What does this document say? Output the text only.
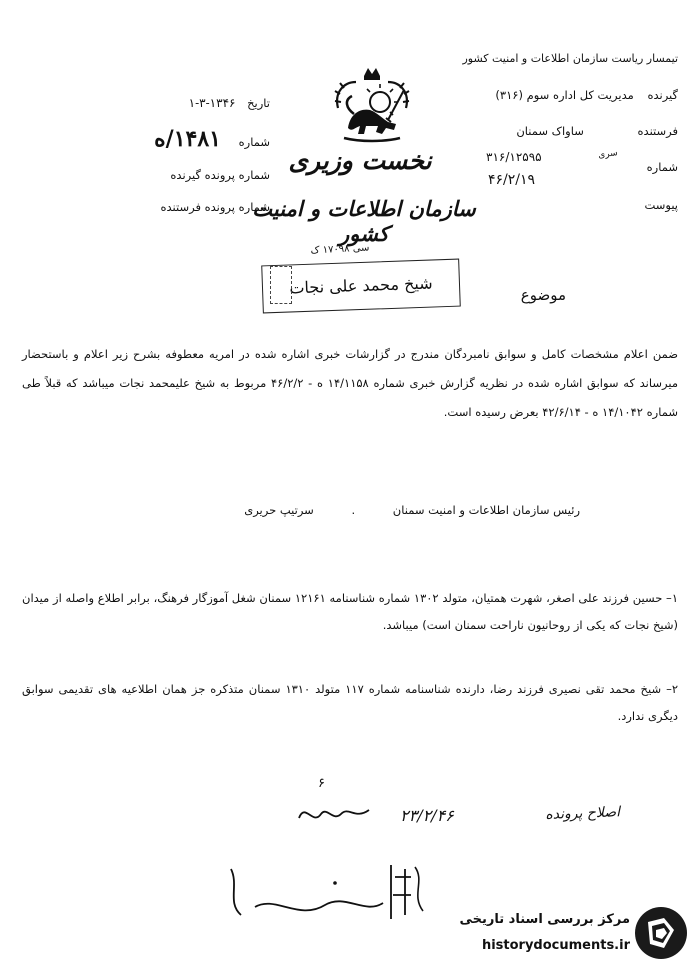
تیمسار ریاست سازمان اطلاعات و امنیت کشور
گیرنده مدیریت کل اداره سوم (۳۱۶)
فرستنده ساواک سمنان
شماره
سری
۳۱۶/۱۲۵۹۵
۴۶/۲/۱۹
پیوست
تاریخ ۱۳۴۶-۳-۱
شماره ۱۴۸۱/ه
شماره پرونده گیرنده
شماره پرونده فرستنده
نخست وزیری
سازمان اطلاعات و امنیت کشور
سی ۱۷۰۹۸ ک
موضوع
شیخ محمد علی نجات
ضمن اعلام مشخصات کامل و سوابق نامبردگان مندرج در گزارشات خبری اشاره شده در امریه معطوفه بشرح زیر اعلام و باستحضار میرساند که سوابق اشاره شده در نظریه گزارش خبری شماره ۱۴/۱۱۵۸ ه - ۴۶/۲/۲ مربوط به شیخ علیمحمد نجات میباشد که قبلاً طی شماره ۱۴/۱۰۴۲ ه - ۴۲/۶/۱۴ بعرض رسیده است.
رئیس سازمان اطلاعات و امنیت سمنان . سرتیپ حریری
۱– حسین فرزند علی اصغر، شهرت همتیان، متولد ۱۳۰۲ شماره شناسنامه ۱۲۱۶۱ سمنان شغل آموزگار فرهنگ، برابر اطلاع واصله از میدان (شیخ نجات که یکی از روحانیون ناراحت سمنان است) میباشد.
۲– شیخ محمد تقی نصیری فرزند رضا، دارنده شناسنامه شماره ۱۱۷ متولد ۱۳۱۰ سمنان متذکره جز همان اطلاعیه های تقدیمی سوابق دیگری ندارد.
اصلاح پرونده
۲۳/۲/۴۶
۶
مرکز بررسی اسناد تاریخی
historydocuments.ir
